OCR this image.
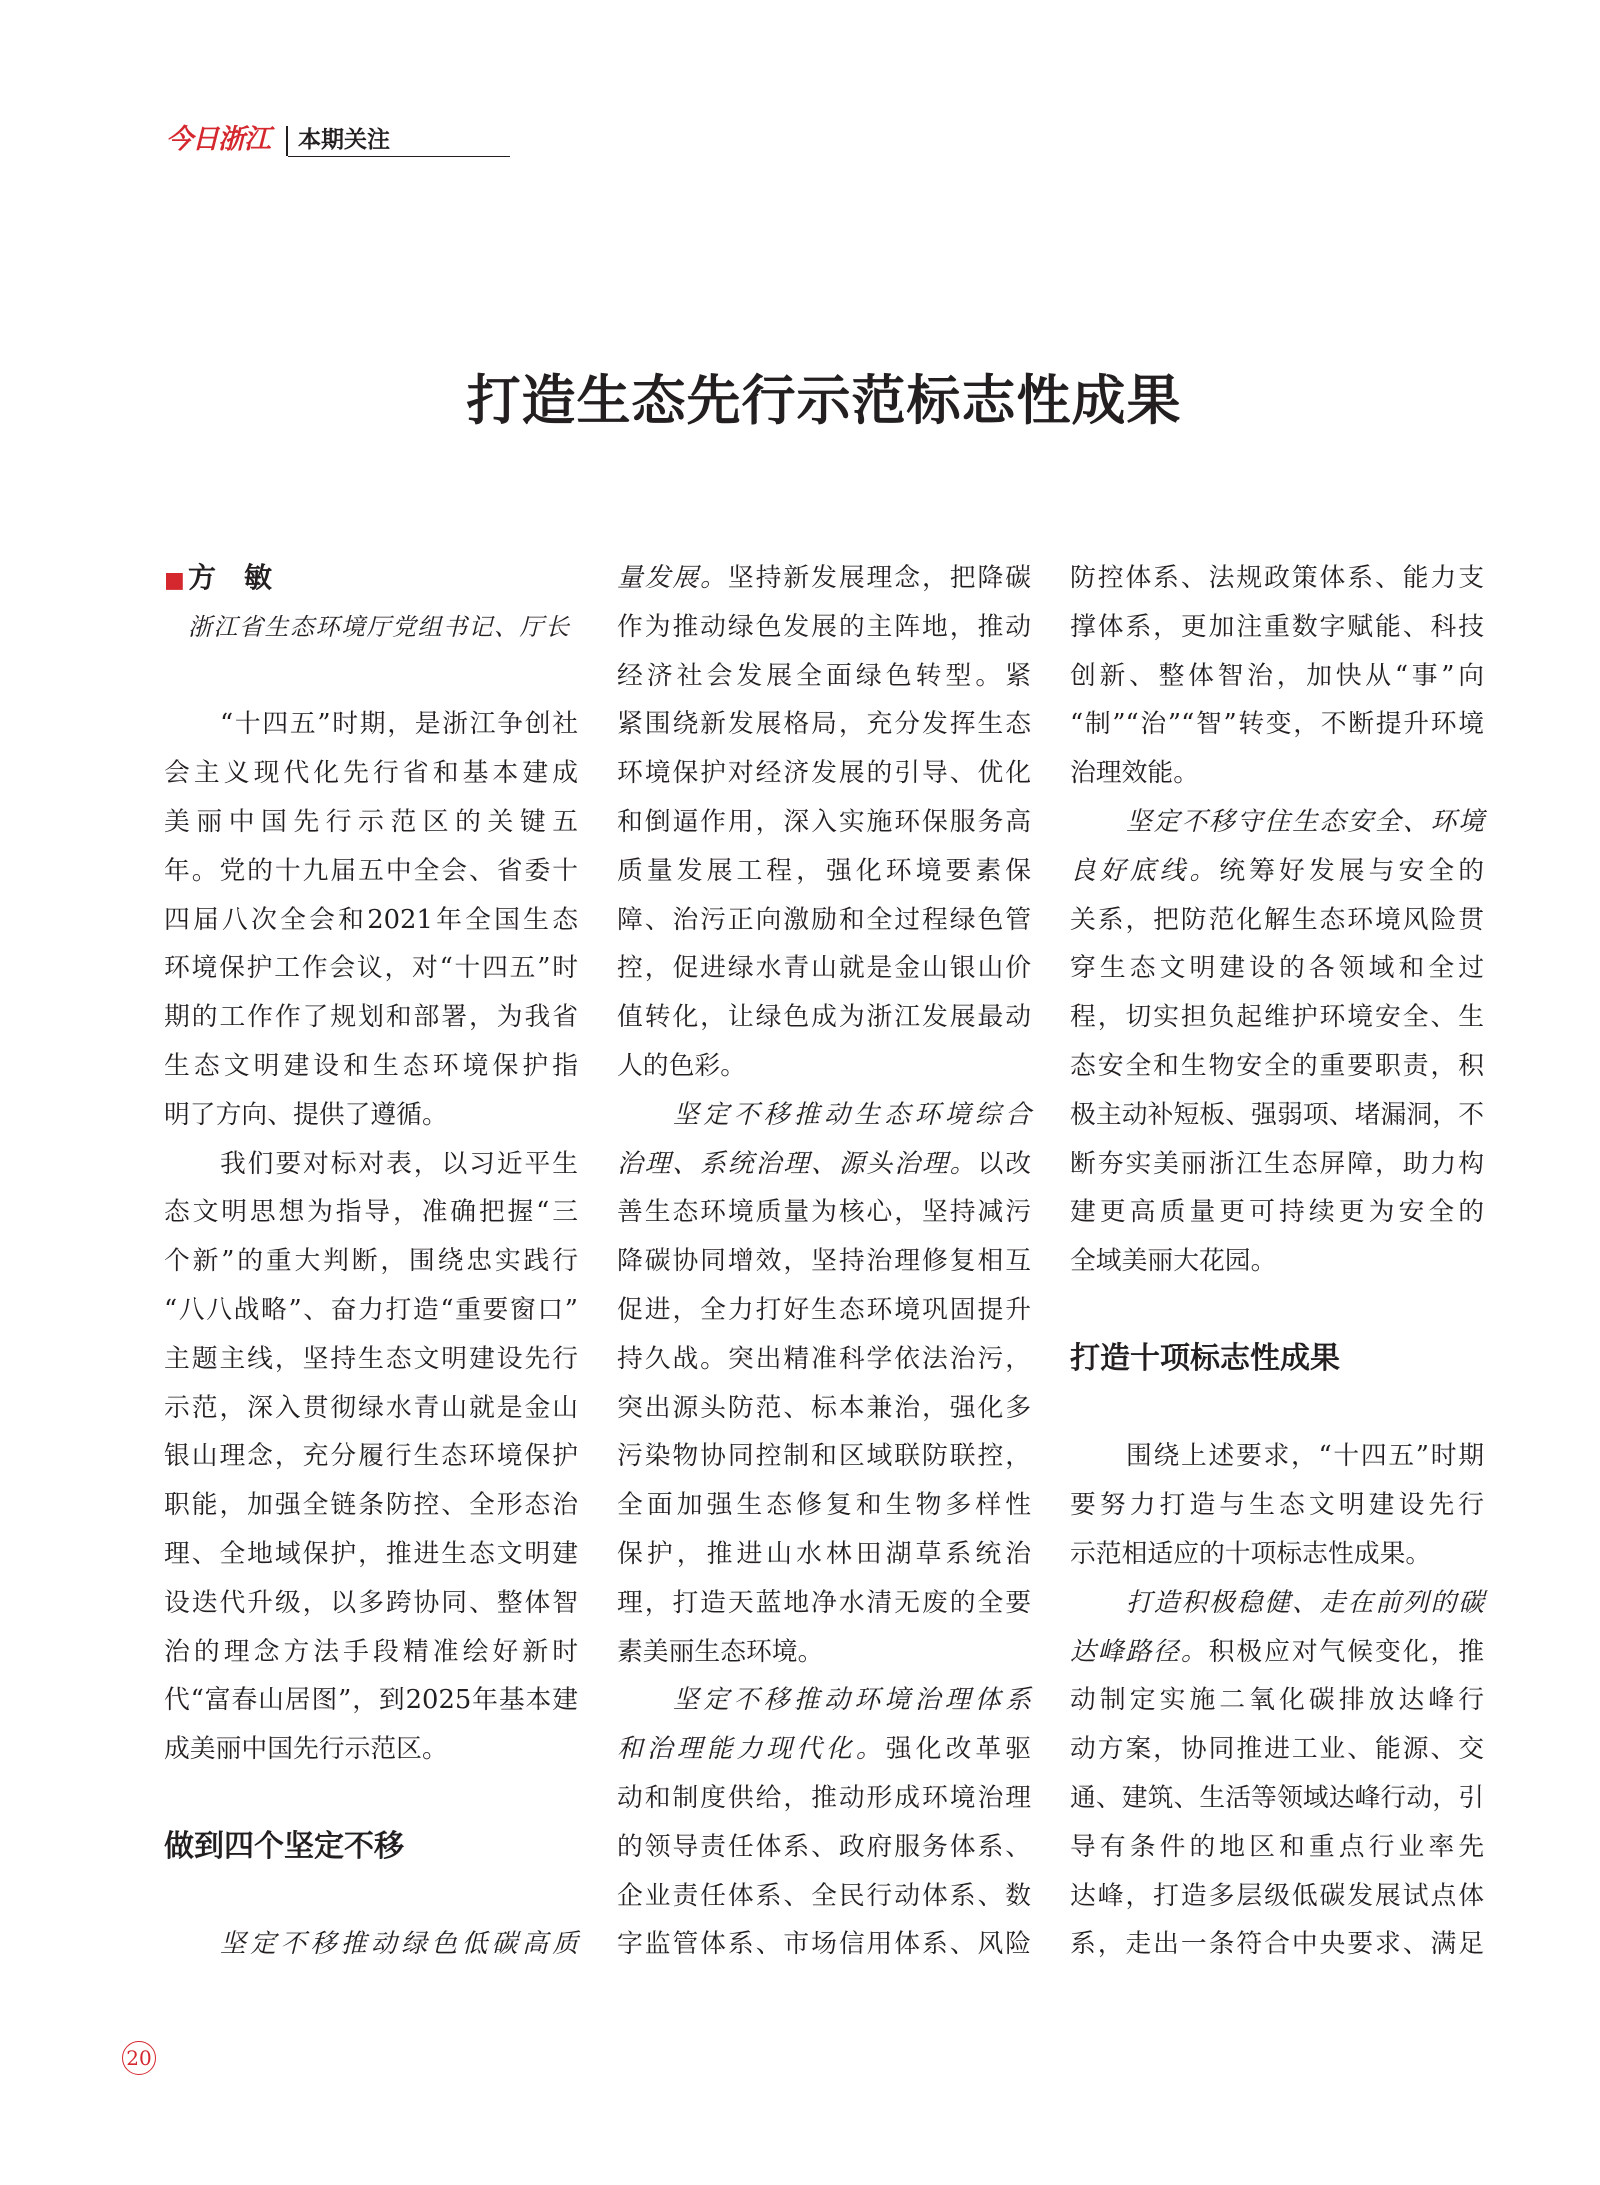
今日浙江 本期关注
打造生态先行示范标志性成果
■ 方　敏
浙江省生态环境厅党组书记、厅长
“十四五”时期，是浙江争创社
会主义现代化先行省和基本建成
美丽中国先行示范区的关键五
年。党的十九届五中全会、省委十
四届八次全会和2021年全国生态
环境保护工作会议，对“十四五”时
期的工作作了规划和部署，为我省
生态文明建设和生态环境保护指
明了方向、提供了遵循。
我们要对标对表，以习近平生
态文明思想为指导，准确把握“三
个新”的重大判断，围绕忠实践行
“八八战略”、奋力打造“重要窗口”
主题主线，坚持生态文明建设先行
示范，深入贯彻绿水青山就是金山
银山理念，充分履行生态环境保护
职能，加强全链条防控、全形态治
理、全地域保护，推进生态文明建
设迭代升级，以多跨协同、整体智
治的理念方法手段精准绘好新时
代“富春山居图”，到2025年基本建
成美丽中国先行示范区。
做到四个坚定不移
坚定不移推动绿色低碳高质
量发展。坚持新发展理念，把降碳
作为推动绿色发展的主阵地，推动
经济社会发展全面绿色转型。紧
紧围绕新发展格局，充分发挥生态
环境保护对经济发展的引导、优化
和倒逼作用，深入实施环保服务高
质量发展工程，强化环境要素保
障、治污正向激励和全过程绿色管
控，促进绿水青山就是金山银山价
值转化，让绿色成为浙江发展最动
人的色彩。
坚定不移推动生态环境综合
治理、系统治理、源头治理。以改
善生态环境质量为核心，坚持减污
降碳协同增效，坚持治理修复相互
促进，全力打好生态环境巩固提升
持久战。突出精准科学依法治污，
突出源头防范、标本兼治，强化多
污染物协同控制和区域联防联控，
全面加强生态修复和生物多样性
保护，推进山水林田湖草系统治
理，打造天蓝地净水清无废的全要
素美丽生态环境。
坚定不移推动环境治理体系
和治理能力现代化。强化改革驱
动和制度供给，推动形成环境治理
的领导责任体系、政府服务体系、
企业责任体系、全民行动体系、数
字监管体系、市场信用体系、风险
防控体系、法规政策体系、能力支
撑体系，更加注重数字赋能、科技
创新、整体智治，加快从“事”向
“制”“治”“智”转变，不断提升环境
治理效能。
坚定不移守住生态安全、环境
良好底线。统筹好发展与安全的
关系，把防范化解生态环境风险贯
穿生态文明建设的各领域和全过
程，切实担负起维护环境安全、生
态安全和生物安全的重要职责，积
极主动补短板、强弱项、堵漏洞，不
断夯实美丽浙江生态屏障，助力构
建更高质量更可持续更为安全的
全域美丽大花园。
打造十项标志性成果
围绕上述要求，“十四五”时期
要努力打造与生态文明建设先行
示范相适应的十项标志性成果。
打造积极稳健、走在前列的碳
达峰路径。积极应对气候变化，推
动制定实施二氧化碳排放达峰行
动方案，协同推进工业、能源、交
通、建筑、生活等领域达峰行动，引
导有条件的地区和重点行业率先
达峰，打造多层级低碳发展试点体
系，走出一条符合中央要求、满足
20
